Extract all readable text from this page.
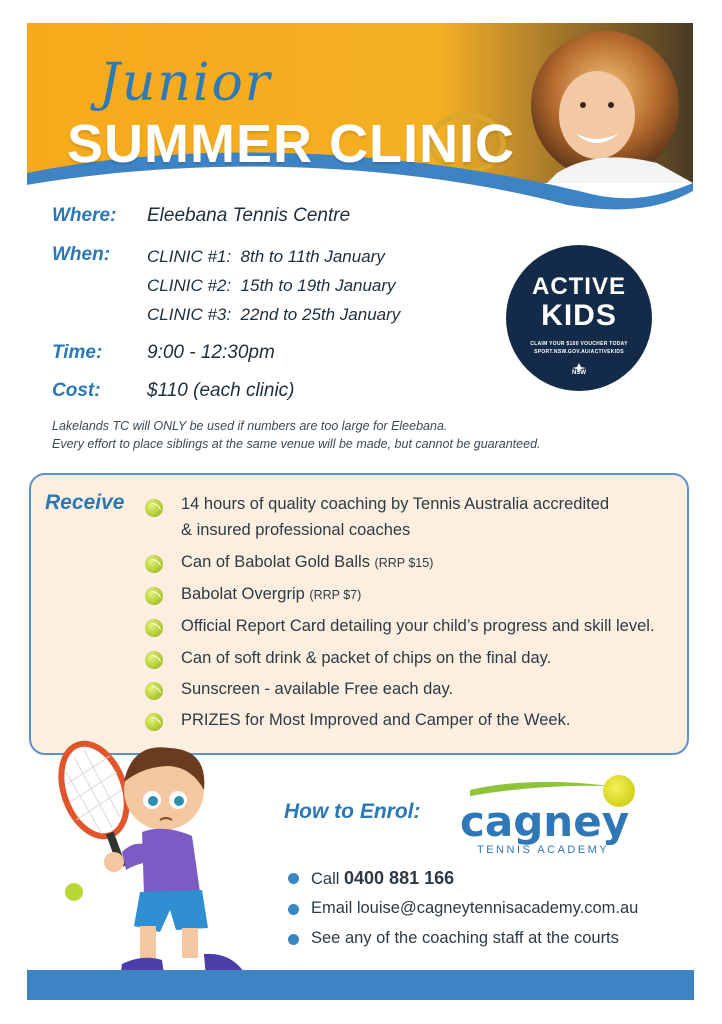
Junior
SUMMER CLINIC
Where:	Eleebana Tennis Centre
When:	CLINIC #1: 8th to 11th January
CLINIC #2: 15th to 19th January
CLINIC #3: 22nd to 25th January
Time:	9:00 - 12:30pm
Cost:	$110 (each clinic)
Lakelands TC will ONLY be used if numbers are too large for Eleebana.
Every effort to place siblings at the same venue will be made, but cannot be guaranteed.
ACTIVE
KIDS
CLAIM YOUR $100 VOUCHER TODAY
SPORT.NSW.GOV.AU/ACTIVEKIDS
NSW
Receive	14 hours of quality coaching by Tennis Australia accredited
& insured professional coaches
Can of Babolat Gold Balls (RRP $15)
Babolat Overgrip (RRP $7)
Official Report Card detailing your child’s progress and skill level.
Can of soft drink & packet of chips on the final day.
Sunscreen - available Free each day.
PRIZES for Most Improved and Camper of the Week.
How to Enrol: cagney
TENNIS ACADEMY
Call 0400 881 166
Email louise@cagneytennisacademy.com.au
See any of the coaching staff at the courts
